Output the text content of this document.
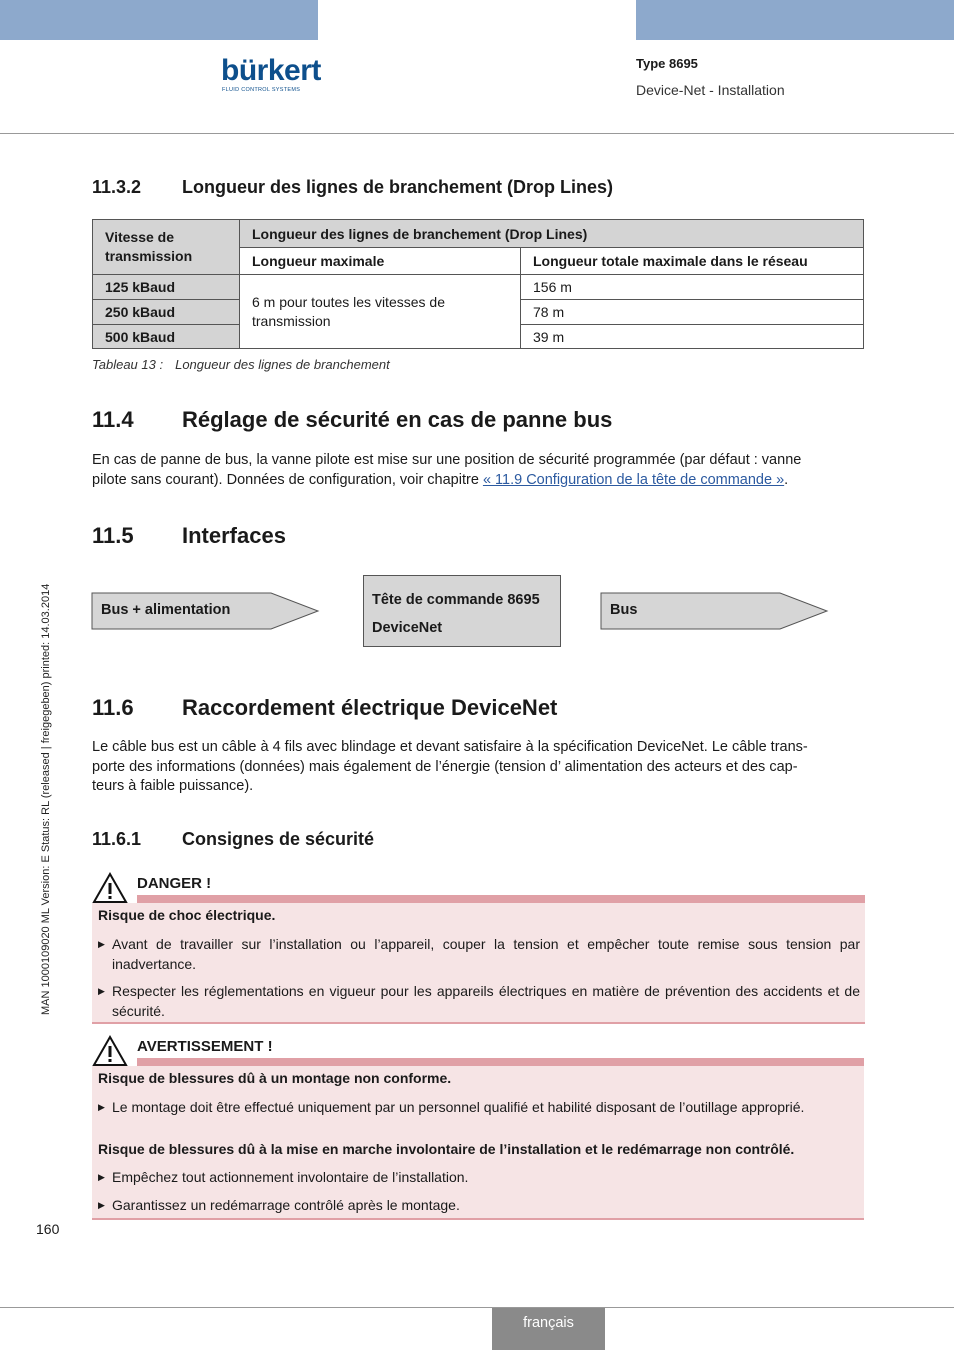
bürkert
FLUID CONTROL SYSTEMS
Type 8695
Device-Net - Installation
11.3.2 Longueur des lignes de branchement (Drop Lines)
Vitesse de transmission	Longueur des lignes de branchement (Drop Lines)	
	Longueur maximale	Longueur totale maximale dans le réseau
125 kBaud	6 m pour toutes les vitesses de transmission	156 m
250 kBaud		78 m
500 kBaud		39 m
Tableau 13 : Longueur des lignes de branchement
11.4 Réglage de sécurité en cas de panne bus
En cas de panne de bus, la vanne pilote est mise sur une position de sécurité programmée (par défaut : vanne
pilote sans courant). Données de configuration, voir chapitre « 11.9 Configuration de la tête de commande ».
11.5 Interfaces
Bus + alimentation
Tête de commande 8695
DeviceNet
Bus
11.6 Raccordement électrique DeviceNet
Le câble bus est un câble à 4 fils avec blindage et devant satisfaire à la spécification DeviceNet. Le câble trans-
porte des informations (données) mais également de l’énergie (tension d’ alimentation des acteurs et des cap-
teurs à faible puissance).
11.6.1 Consignes de sécurité
DANGER !
Risque de choc électrique.
▶ Avant de travailler sur l’installation ou l’appareil, couper la tension et empêcher toute remise sous tension par inadvertance.
▶ Respecter les réglementations en vigueur pour les appareils électriques en matière de prévention des accidents et de sécurité.
AVERTISSEMENT !
Risque de blessures dû à un montage non conforme.
▶ Le montage doit être effectué uniquement par un personnel qualifié et habilité disposant de l’outillage approprié.
Risque de blessures dû à la mise en marche involontaire de l’installation et le redémarrage non contrôlé.
▶ Empêchez tout actionnement involontaire de l’installation.
▶ Garantissez un redémarrage contrôlé après le montage.
MAN 1000109020 ML Version: E Status: RL (released | freigegeben) printed: 14.03.2014
160
français
